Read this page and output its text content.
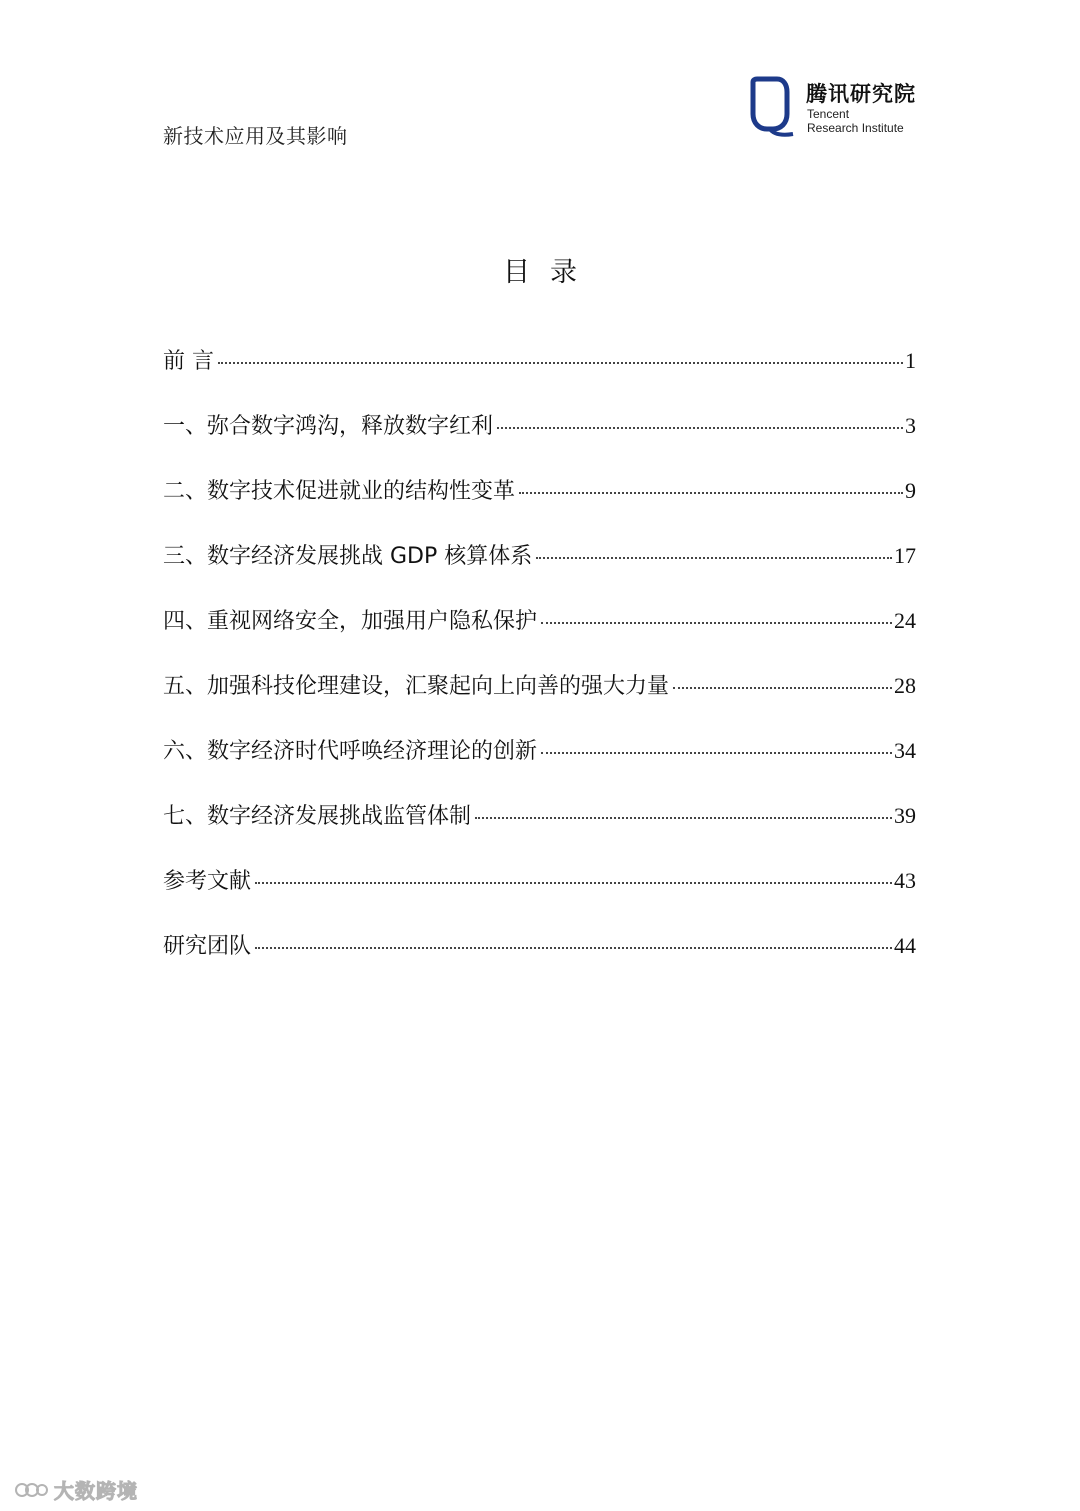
新技术应用及其影响
腾讯研究院
Tencent
Research Institute
目录
前 言	1
一、弥合数字鸿沟，释放数字红利	3
二、数字技术促进就业的结构性变革	9
三、数字经济发展挑战 GDP 核算体系	17
四、重视网络安全，加强用户隐私保护	24
五、加强科技伦理建设，汇聚起向上向善的强大力量	28
六、数字经济时代呼唤经济理论的创新	34
七、数字经济发展挑战监管体制	39
参考文献	43
研究团队	44
大数跨境
